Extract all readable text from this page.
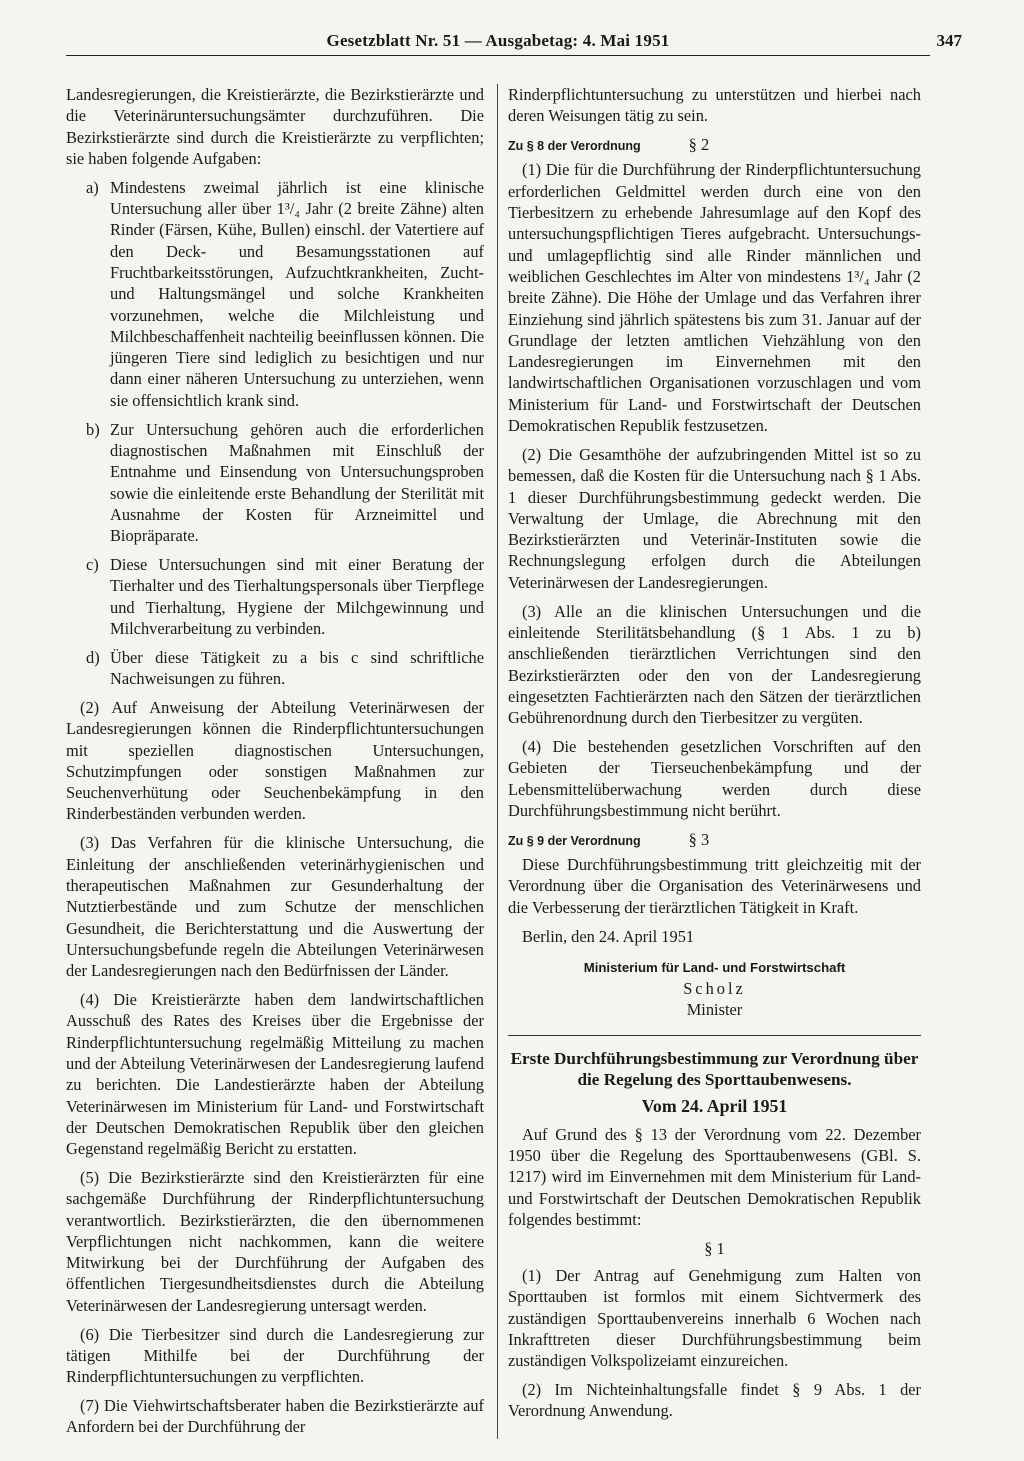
Gesetzblatt Nr. 51 — Ausgabetag: 4. Mai 1951	347

Landesregierungen, die Kreistierärzte, die Bezirkstierärzte und die Veterinäruntersuchungsämter durchzuführen. Die Bezirkstierärzte sind durch die Kreistierärzte zu verpflichten; sie haben folgende Aufgaben:

a) Mindestens zweimal jährlich ist eine klinische Untersuchung aller über 1³/₄ Jahr (2 breite Zähne) alten Rinder (Färsen, Kühe, Bullen) einschl. der Vatertiere auf den Deck- und Besamungsstationen auf Fruchtbarkeitsstörungen, Aufzuchtkrankheiten, Zucht- und Haltungsmängel und solche Krankheiten vorzunehmen, welche die Milchleistung und Milchbeschaffenheit nachteilig beeinflussen können. Die jüngeren Tiere sind lediglich zu besichtigen und nur dann einer näheren Untersuchung zu unterziehen, wenn sie offensichtlich krank sind.
b) Zur Untersuchung gehören auch die erforderlichen diagnostischen Maßnahmen mit Einschluß der Entnahme und Einsendung von Untersuchungsproben sowie die einleitende erste Behandlung der Sterilität mit Ausnahme der Kosten für Arzneimittel und Biopräparate.
c) Diese Untersuchungen sind mit einer Beratung der Tierhalter und des Tierhaltungspersonals über Tierpflege und Tierhaltung, Hygiene der Milchgewinnung und Milchverarbeitung zu verbinden.
d) Über diese Tätigkeit zu a bis c sind schriftliche Nachweisungen zu führen.

(2) Auf Anweisung der Abteilung Veterinärwesen der Landesregierungen können die Rinderpflichtuntersuchungen mit speziellen diagnostischen Untersuchungen, Schutzimpfungen oder sonstigen Maßnahmen zur Seuchenverhütung oder Seuchenbekämpfung in den Rinderbeständen verbunden werden.

(3) Das Verfahren für die klinische Untersuchung, die Einleitung der anschließenden veterinärhygienischen und therapeutischen Maßnahmen zur Gesunderhaltung der Nutztierbestände und zum Schutze der menschlichen Gesundheit, die Berichterstattung und die Auswertung der Untersuchungsbefunde regeln die Abteilungen Veterinärwesen der Landesregierungen nach den Bedürfnissen der Länder.

(4) Die Kreistierärzte haben dem landwirtschaftlichen Ausschuß des Rates des Kreises über die Ergebnisse der Rinderpflichtuntersuchung regelmäßig Mitteilung zu machen und der Abteilung Veterinärwesen der Landesregierung laufend zu berichten. Die Landestierärzte haben der Abteilung Veterinärwesen im Ministerium für Land- und Forstwirtschaft der Deutschen Demokratischen Republik über den gleichen Gegenstand regelmäßig Bericht zu erstatten.

(5) Die Bezirkstierärzte sind den Kreistierärzten für eine sachgemäße Durchführung der Rinderpflichtuntersuchung verantwortlich. Bezirkstierärzten, die den übernommenen Verpflichtungen nicht nachkommen, kann die weitere Mitwirkung bei der Durchführung der Aufgaben des öffentlichen Tiergesundheitsdienstes durch die Abteilung Veterinärwesen der Landesregierung untersagt werden.

(6) Die Tierbesitzer sind durch die Landesregierung zur tätigen Mithilfe bei der Durchführung der Rinderpflichtuntersuchungen zu verpflichten.

(7) Die Viehwirtschaftsberater haben die Bezirkstierärzte auf Anfordern bei der Durchführung der

Rinderpflichtuntersuchung zu unterstützen und hierbei nach deren Weisungen tätig zu sein.

Zu § 8 der Verordnung	§ 2

(1) Die für die Durchführung der Rinderpflichtuntersuchung erforderlichen Geldmittel werden durch eine von den Tierbesitzern zu erhebende Jahresumlage auf den Kopf des untersuchungspflichtigen Tieres aufgebracht. Untersuchungs- und umlagepflichtig sind alle Rinder männlichen und weiblichen Geschlechtes im Alter von mindestens 1³/₄ Jahr (2 breite Zähne). Die Höhe der Umlage und das Verfahren ihrer Einziehung sind jährlich spätestens bis zum 31. Januar auf der Grundlage der letzten amtlichen Viehzählung von den Landesregierungen im Einvernehmen mit den landwirtschaftlichen Organisationen vorzuschlagen und vom Ministerium für Land- und Forstwirtschaft der Deutschen Demokratischen Republik festzusetzen.

(2) Die Gesamthöhe der aufzubringenden Mittel ist so zu bemessen, daß die Kosten für die Untersuchung nach § 1 Abs. 1 dieser Durchführungsbestimmung gedeckt werden. Die Verwaltung der Umlage, die Abrechnung mit den Bezirkstierärzten und Veterinär-Instituten sowie die Rechnungslegung erfolgen durch die Abteilungen Veterinärwesen der Landesregierungen.

(3) Alle an die klinischen Untersuchungen und die einleitende Sterilitätsbehandlung (§ 1 Abs. 1 zu b) anschließenden tierärztlichen Verrichtungen sind den Bezirkstierärzten oder den von der Landesregierung eingesetzten Fachtierärzten nach den Sätzen der tierärztlichen Gebührenordnung durch den Tierbesitzer zu vergüten.

(4) Die bestehenden gesetzlichen Vorschriften auf den Gebieten der Tierseuchenbekämpfung und der Lebensmittelüberwachung werden durch diese Durchführungsbestimmung nicht berührt.

Zu § 9 der Verordnung	§ 3

Diese Durchführungsbestimmung tritt gleichzeitig mit der Verordnung über die Organisation des Veterinärwesens und die Verbesserung der tierärztlichen Tätigkeit in Kraft.

Berlin, den 24. April 1951

Ministerium für Land- und Forstwirtschaft
Scholz
Minister
Erste Durchführungsbestimmung zur Verordnung über die Regelung des Sporttaubenwesens.
Vom 24. April 1951

Auf Grund des § 13 der Verordnung vom 22. Dezember 1950 über die Regelung des Sporttaubenwesens (GBl. S. 1217) wird im Einvernehmen mit dem Ministerium für Land- und Forstwirtschaft der Deutschen Demokratischen Republik folgendes bestimmt:

§ 1

(1) Der Antrag auf Genehmigung zum Halten von Sporttauben ist formlos mit einem Sichtvermerk des zuständigen Sporttaubenvereins innerhalb 6 Wochen nach Inkrafttreten dieser Durchführungsbestimmung beim zuständigen Volkspolizeiamt einzureichen.

(2) Im Nichteinhaltungsfalle findet § 9 Abs. 1 der Verordnung Anwendung.
